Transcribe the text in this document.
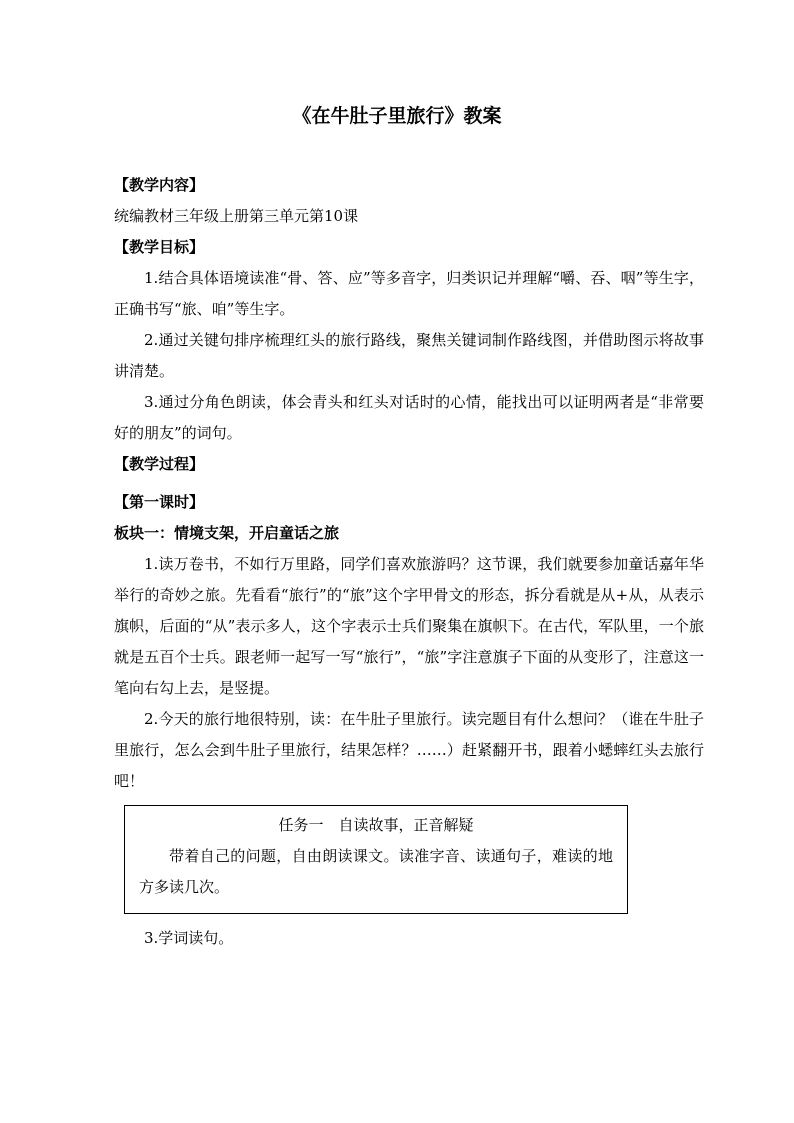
《在牛肚子里旅行》教案

【教学内容】

统编教材三年级上册第三单元第10课

【教学目标】

1.结合具体语境读准“骨、答、应”等多音字，归类识记并理解“嚼、吞、咽”等生字，正确书写“旅、咱”等生字。

2.通过关键句排序梳理红头的旅行路线，聚焦关键词制作路线图，并借助图示将故事讲清楚。

3.通过分角色朗读，体会青头和红头对话时的心情，能找出可以证明两者是“非常要好的朋友”的词句。

【教学过程】

【第一课时】

板块一：情境支架，开启童话之旅

1.读万卷书，不如行万里路，同学们喜欢旅游吗？这节课，我们就要参加童话嘉年华举行的奇妙之旅。先看看“旅行”的“旅”这个字甲骨文的形态，拆分看就是从+从，从表示旗帜，后面的“从”表示多人，这个字表示士兵们聚集在旗帜下。在古代，军队里，一个旅就是五百个士兵。跟老师一起写一写“旅行”，“旅”字注意旗子下面的从变形了，注意这一笔向右勾上去，是竖提。

2.今天的旅行地很特别，读：在牛肚子里旅行。读完题目有什么想问？（谁在牛肚子里旅行，怎么会到牛肚子里旅行，结果怎样？……）赶紧翻开书，跟着小蟋蟀红头去旅行吧！

任务一　自读故事，正音解疑

带着自己的问题，自由朗读课文。读准字音、读通句子，难读的地方多读几次。

3.学词读句。
